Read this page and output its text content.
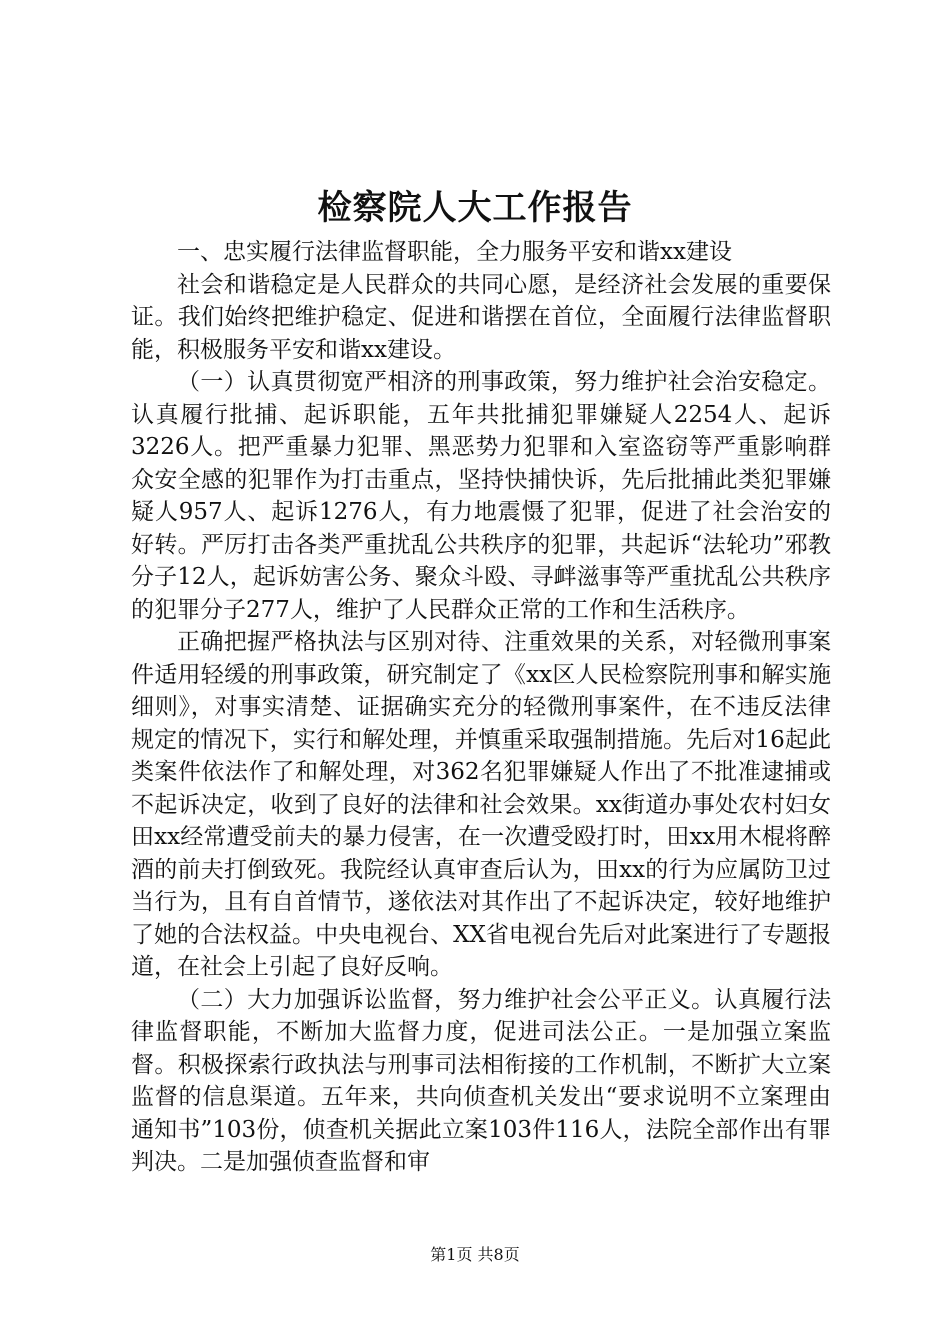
检察院人大工作报告

一、忠实履行法律监督职能，全力服务平安和谐xx建设

社会和谐稳定是人民群众的共同心愿，是经济社会发展的重要保证。我们始终把维护稳定、促进和谐摆在首位，全面履行法律监督职能，积极服务平安和谐xx建设。

（一）认真贯彻宽严相济的刑事政策，努力维护社会治安稳定。认真履行批捕、起诉职能，五年共批捕犯罪嫌疑人2254人、起诉3226人。把严重暴力犯罪、黑恶势力犯罪和入室盗窃等严重影响群众安全感的犯罪作为打击重点，坚持快捕快诉，先后批捕此类犯罪嫌疑人957人、起诉1276人，有力地震慑了犯罪，促进了社会治安的好转。严厉打击各类严重扰乱公共秩序的犯罪，共起诉“法轮功”邪教分子12人，起诉妨害公务、聚众斗殴、寻衅滋事等严重扰乱公共秩序的犯罪分子277人，维护了人民群众正常的工作和生活秩序。

正确把握严格执法与区别对待、注重效果的关系，对轻微刑事案件适用轻缓的刑事政策，研究制定了《xx区人民检察院刑事和解实施细则》，对事实清楚、证据确实充分的轻微刑事案件，在不违反法律规定的情况下，实行和解处理，并慎重采取强制措施。先后对16起此类案件依法作了和解处理，对362名犯罪嫌疑人作出了不批准逮捕或不起诉决定，收到了良好的法律和社会效果。xx街道办事处农村妇女田xx经常遭受前夫的暴力侵害，在一次遭受殴打时，田xx用木棍将醉酒的前夫打倒致死。我院经认真审查后认为，田xx的行为应属防卫过当行为，且有自首情节，遂依法对其作出了不起诉决定，较好地维护了她的合法权益。中央电视台、XX省电视台先后对此案进行了专题报道，在社会上引起了良好反响。

（二）大力加强诉讼监督，努力维护社会公平正义。认真履行法律监督职能，不断加大监督力度，促进司法公正。一是加强立案监督。积极探索行政执法与刑事司法相衔接的工作机制，不断扩大立案监督的信息渠道。五年来，共向侦查机关发出“要求说明不立案理由通知书”103份，侦查机关据此立案103件116人，法院全部作出有罪判决。二是加强侦查监督和审

第1页 共8页
